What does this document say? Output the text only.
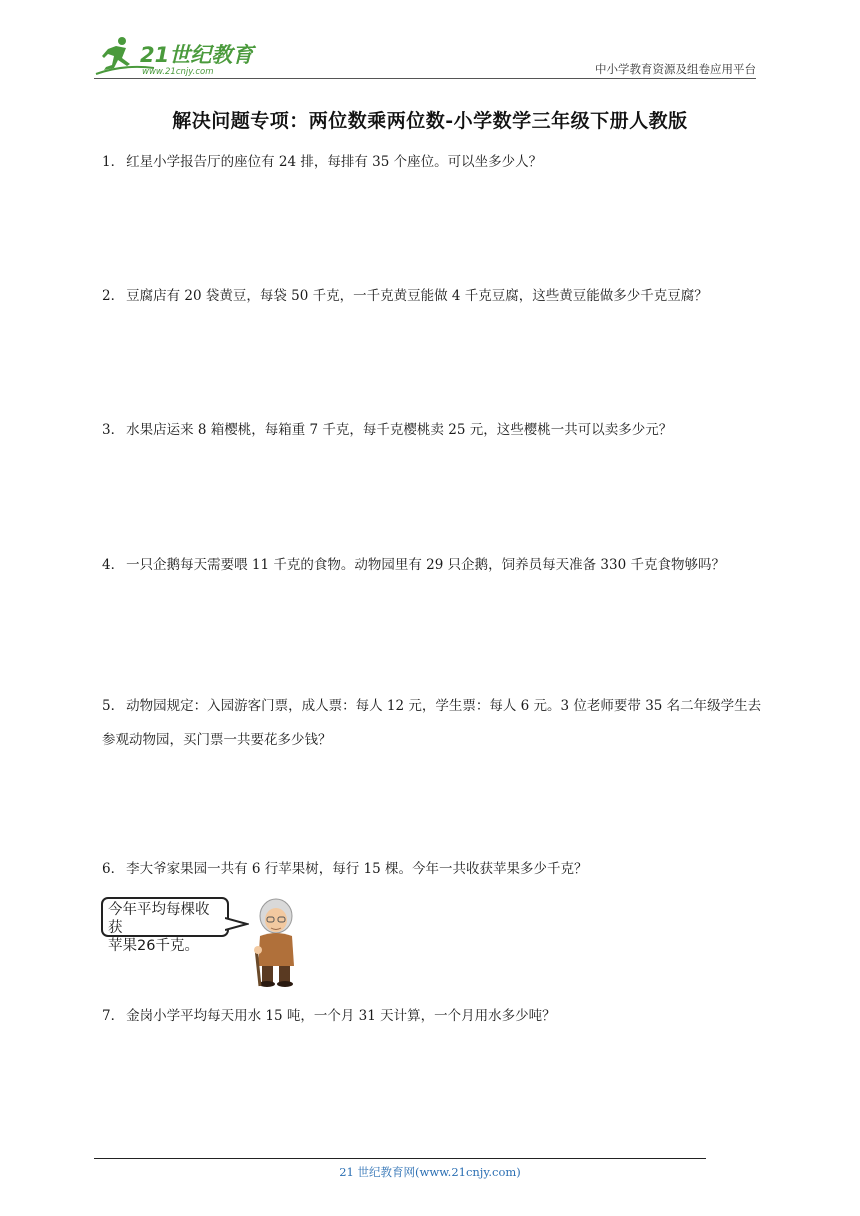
21世纪教育
www.21cnjy.com	中小学教育资源及组卷应用平台
解决问题专项：两位数乘两位数-小学数学三年级下册人教版
1． 红星小学报告厅的座位有 24 排，每排有 35 个座位。可以坐多少人？
2． 豆腐店有 20 袋黄豆，每袋 50 千克，一千克黄豆能做 4 千克豆腐，这些黄豆能做多少千克豆腐？
3． 水果店运来 8 箱樱桃，每箱重 7 千克，每千克樱桃卖 25 元，这些樱桃一共可以卖多少元？
4． 一只企鹅每天需要喂 11 千克的食物。动物园里有 29 只企鹅，饲养员每天准备 330 千克食物够吗？
5． 动物园规定：入园游客门票，成人票：每人 12 元，学生票：每人 6 元。3 位老师要带 35 名二年级学生去参观动物园，买门票一共要花多少钱？
6． 李大爷家果园一共有 6 行苹果树，每行 15 棵。今年一共收获苹果多少千克？
今年平均每棵收获
苹果26千克。
7． 金岗小学平均每天用水 15 吨，一个月 31 天计算，一个月用水多少吨？
21 世纪教育网(www.21cnjy.com)
